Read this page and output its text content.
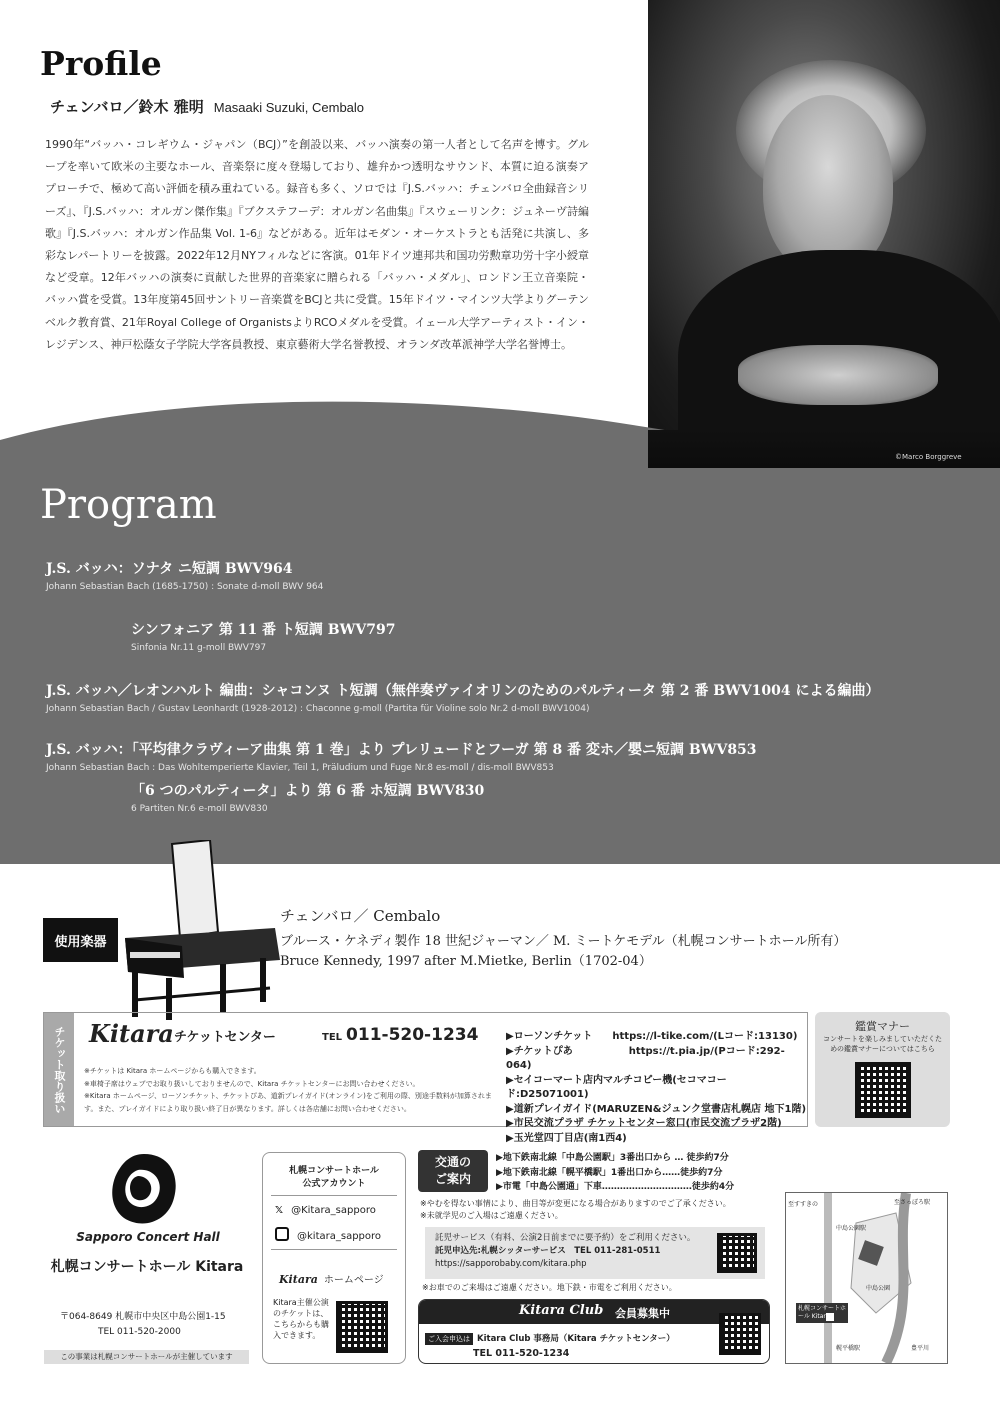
©Marco Borggreve
Profile
チェンバロ／鈴木 雅明 Masaaki Suzuki, Cembalo
1990年“バッハ・コレギウム・ジャパン（BCJ）”を創設以来、バッハ演奏の第一人者として名声を博す。グループを率いて欧米の主要なホール、音楽祭に度々登場しており、雄弁かつ透明なサウンド、本質に迫る演奏アプローチで、極めて高い評価を積み重ねている。録音も多く、ソロでは『J.S.バッハ：チェンバロ全曲録音シリーズ』、『J.S.バッハ：オルガン傑作集』『ブクステフーデ：オルガン名曲集』『スウェーリンク：ジュネーヴ詩編歌』『J.S.バッハ：オルガン作品集 Vol. 1-6』などがある。近年はモダン・オーケストラとも活発に共演し、多彩なレパートリーを披露。2022年12月NYフィルなどに客演。01年ドイツ連邦共和国功労勲章功労十字小綬章など受章。12年バッハの演奏に貢献した世界的音楽家に贈られる「バッハ・メダル」、ロンドン王立音楽院・バッハ賞を受賞。13年度第45回サントリー音楽賞をBCJと共に受賞。15年ドイツ・マインツ大学よりグーテンベルク教育賞、21年Royal College of OrganistsよりRCOメダルを受賞。イェール大学アーティスト・イン・レジデンス、神戸松蔭女子学院大学客員教授、東京藝術大学名誉教授、オランダ改革派神学大学名誉博士。
Program
J.S. バッハ：ソナタ ニ短調 BWV964
Johann Sebastian Bach (1685-1750) : Sonate d-moll BWV 964
シンフォニア 第 11 番 ト短調 BWV797
Sinfonia Nr.11 g-moll BWV797
J.S. バッハ／レオンハルト 編曲：シャコンヌ ト短調（無伴奏ヴァイオリンのためのパルティータ 第 2 番 BWV1004 による編曲）
Johann Sebastian Bach / Gustav Leonhardt (1928-2012) : Chaconne g-moll (Partita für Violine solo Nr.2 d-moll BWV1004)
J.S. バッハ：「平均律クラヴィーア曲集 第 1 巻」より プレリュードとフーガ 第 8 番 変ホ／嬰ニ短調 BWV853
Johann Sebastian Bach : Das Wohltemperierte Klavier, Teil 1, Präludium und Fuge Nr.8 es-moll / dis-moll BWV853
「6 つのパルティータ」より 第 6 番 ホ短調 BWV830
6 Partiten Nr.6 e-moll BWV830
使用楽器
チェンバロ／ Cembalo
ブルース・ケネディ製作 18 世紀ジャーマン／ M. ミートケモデル（札幌コンサートホール所有）
Bruce Kennedy, 1997 after M.Mietke, Berlin（1702-04）
チケット取り扱い Kitara チケットセンター	TEL 011-520-1234
※チケットは Kitara ホームページからも購入できます。
※車椅子席はウェブでお取り扱いしておりませんので、Kitara チケットセンターにお問い合わせください。
※Kitara ホームページ、ローソンチケット、チケットぴあ、道新プレイガイド(オンライン)をご利用の際、別途手数料が加算されます。また、プレイガイドにより取り扱い終了日が異なります。詳しくは各店舗にお問い合わせください。
▶ローソンチケット https://l-tike.com/(Lコード:13130)
▶チケットぴあ	https://t.pia.jp/(Pコード:292-064)
▶セイコーマート店内マルチコピー機(セコマコード:D25071001)
▶道新プレイガイド(MARUZEN&ジュンク堂書店札幌店 地下1階)
▶市民交流プラザ チケットセンター窓口(市民交流プラザ2階)
▶玉光堂四丁目店(南1西4)
鑑賞マナー
コンサートを楽しみましていただくための鑑賞マナーについてはこちら
Sapporo Concert Hall
札幌コンサートホール Kitara
〒064-8649 札幌市中央区中島公園1-15
TEL 011-520-2000
この事業は札幌コンサートホールが主催しています
札幌コンサートホール
公式アカウント
𝕏 @Kitara_sapporo
@kitara_sapporo
Kitara ホームページ
Kitara主催公演のチケットは、こちらからも購入できます。
交通の
ご案内
▶地下鉄南北線「中島公園駅」3番出口から … 徒歩約7分
▶地下鉄南北線「幌平橋駅」1番出口から……徒歩約7分
▶市電「中島公園通」下車…………………………徒歩約4分
※やむを得ない事情により、曲目等が変更になる場合がありますのでご了承ください。
※未就学児のご入場はご遠慮ください。
託児サービス（有料、公演2日前までに要予約）をご利用ください。
託児申込先:札幌シッターサービス　TEL 011-281-0511
https://sapporobaby.com/kitara.php
※お車でのご来場はご遠慮ください。地下鉄・市電をご利用ください。
Kitara Club 会員募集中
ご入会申込は Kitara Club 事務局（Kitara チケットセンター）
TEL 011-520-1234
至すすきの	至さっぽろ駅
中島公園駅
中島公園
幌平橋駅	豊平川
札幌コンサートホール Kitara
